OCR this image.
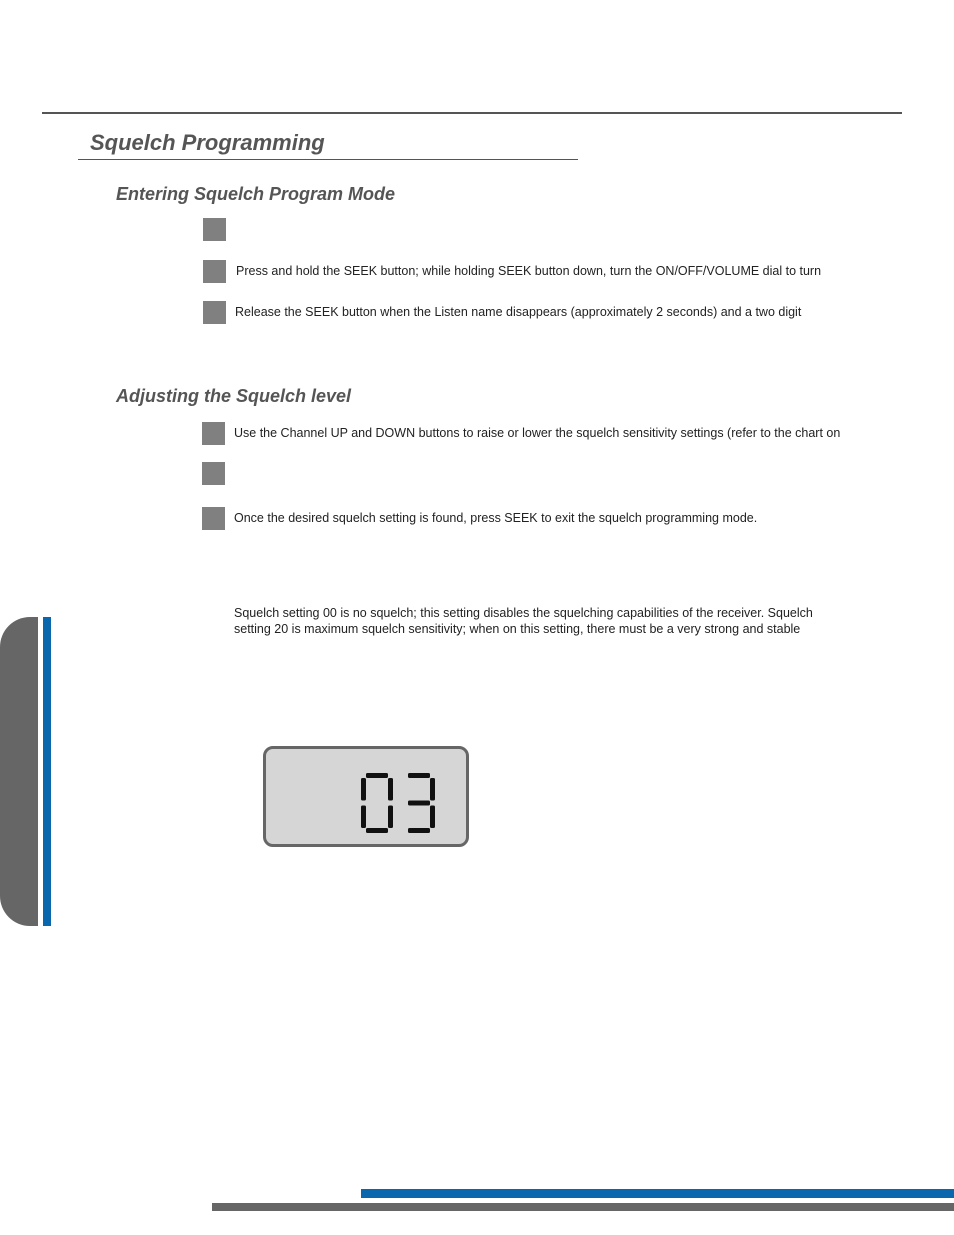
Squelch Programming
Entering Squelch Program Mode
Press and hold the SEEK button; while holding SEEK button down, turn the ON/OFF/VOLUME dial to turn
Release the SEEK button when the Listen name disappears (approximately 2 seconds) and a two digit
Adjusting the Squelch level
Use the Channel UP and DOWN buttons to raise or lower the squelch sensitivity settings (refer to the chart on
Once the desired squelch setting is found, press SEEK to exit the squelch programming mode.
Squelch setting 00 is no squelch; this setting disables the squelching capabilities of the receiver. Squelch
setting 20 is maximum squelch sensitivity; when on this setting, there must be a very strong and stable
